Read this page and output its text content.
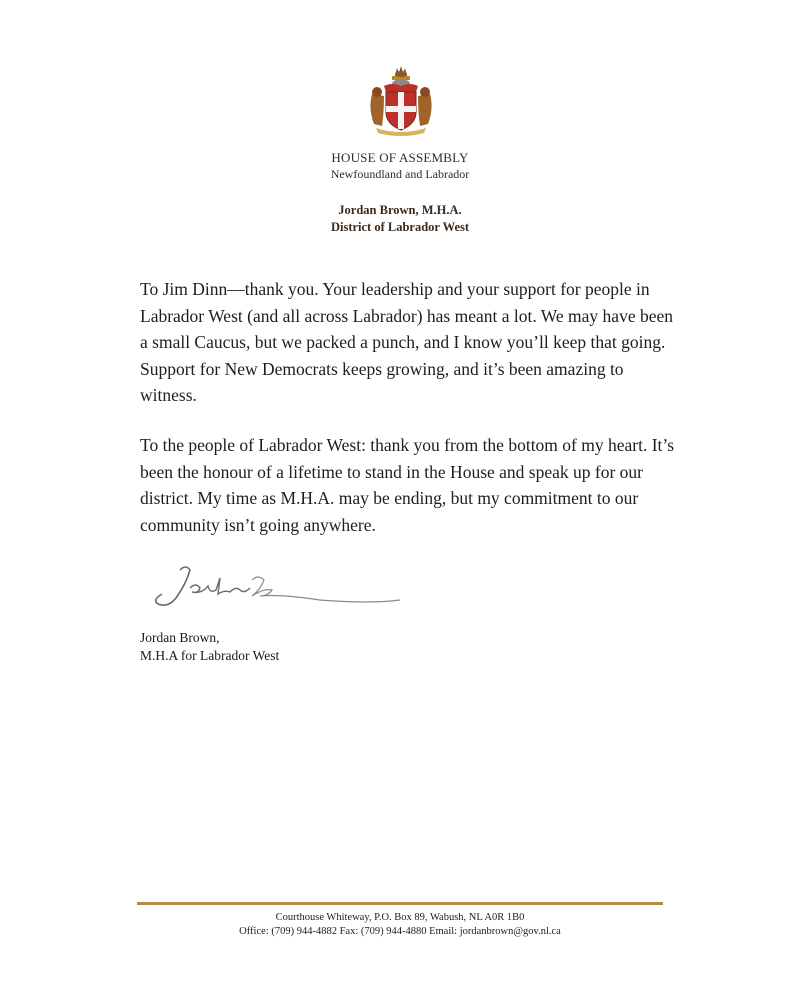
HOUSE OF ASSEMBLY
Newfoundland and Labrador
Jordan Brown, M.H.A.
District of Labrador West
To Jim Dinn—thank you. Your leadership and your support for people in Labrador West (and all across Labrador) has meant a lot. We may have been a small Caucus, but we packed a punch, and I know you’ll keep that going. Support for New Democrats keeps growing, and it’s been amazing to witness.
To the people of Labrador West: thank you from the bottom of my heart. It’s been the honour of a lifetime to stand in the House and speak up for our district. My time as M.H.A. may be ending, but my commitment to our community isn’t going anywhere.
Jordan Brown,
M.H.A for Labrador West
Courthouse Whiteway, P.O. Box 89, Wabush, NL A0R 1B0
Office: (709) 944-4882 Fax: (709) 944-4880 Email: jordanbrown@gov.nl.ca
